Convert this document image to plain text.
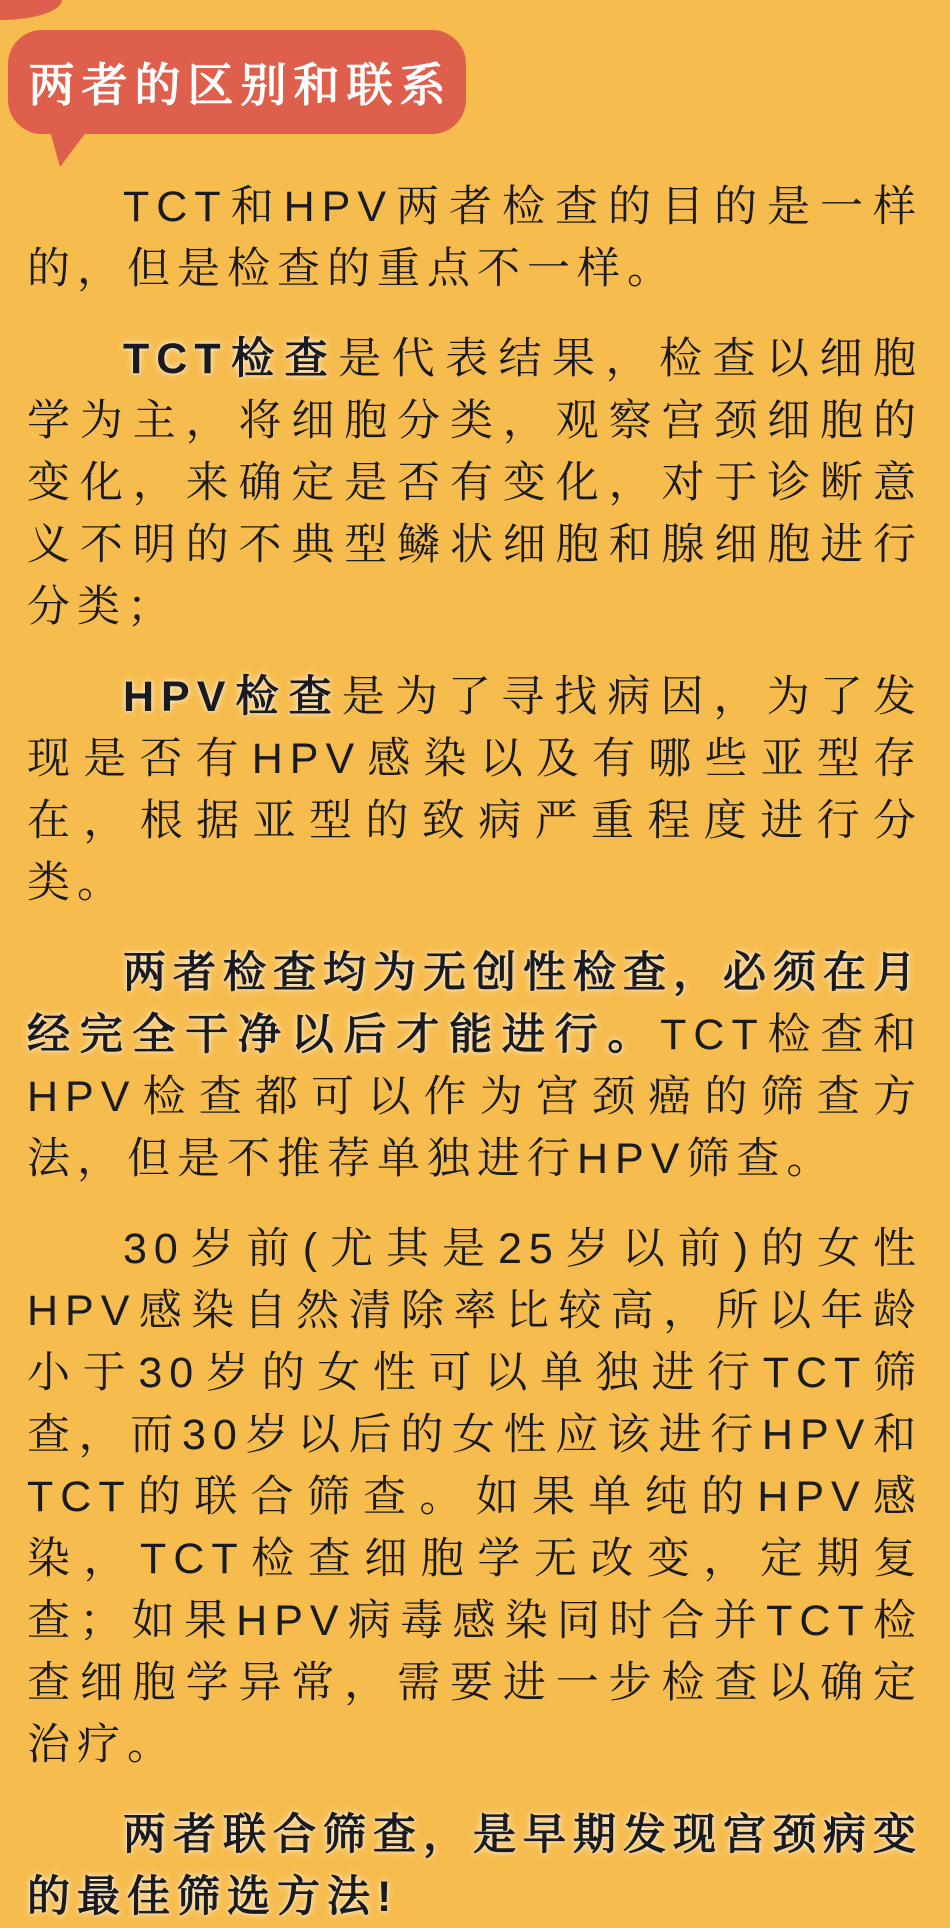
两者的区别和联系

TCT和HPV两者检查的目的是一样的，但是检查的重点不一样。

TCT检查是代表结果，检查以细胞学为主，将细胞分类，观察宫颈细胞的变化，来确定是否有变化，对于诊断意义不明的不典型鳞状细胞和腺细胞进行分类；

HPV检查是为了寻找病因，为了发现是否有HPV感染以及有哪些亚型存在，根据亚型的致病严重程度进行分类。

两者检查均为无创性检查，必须在月经完全干净以后才能进行。TCT检查和HPV检查都可以作为宫颈癌的筛查方法，但是不推荐单独进行HPV筛查。

30岁前(尤其是25岁以前)的女性HPV感染自然清除率比较高，所以年龄小于30岁的女性可以单独进行TCT筛查，而30岁以后的女性应该进行HPV和TCT的联合筛查。如果单纯的HPV感染，TCT检查细胞学无改变，定期复查；如果HPV病毒感染同时合并TCT检查细胞学异常，需要进一步检查以确定治疗。

两者联合筛查，是早期发现宫颈病变的最佳筛选方法!
